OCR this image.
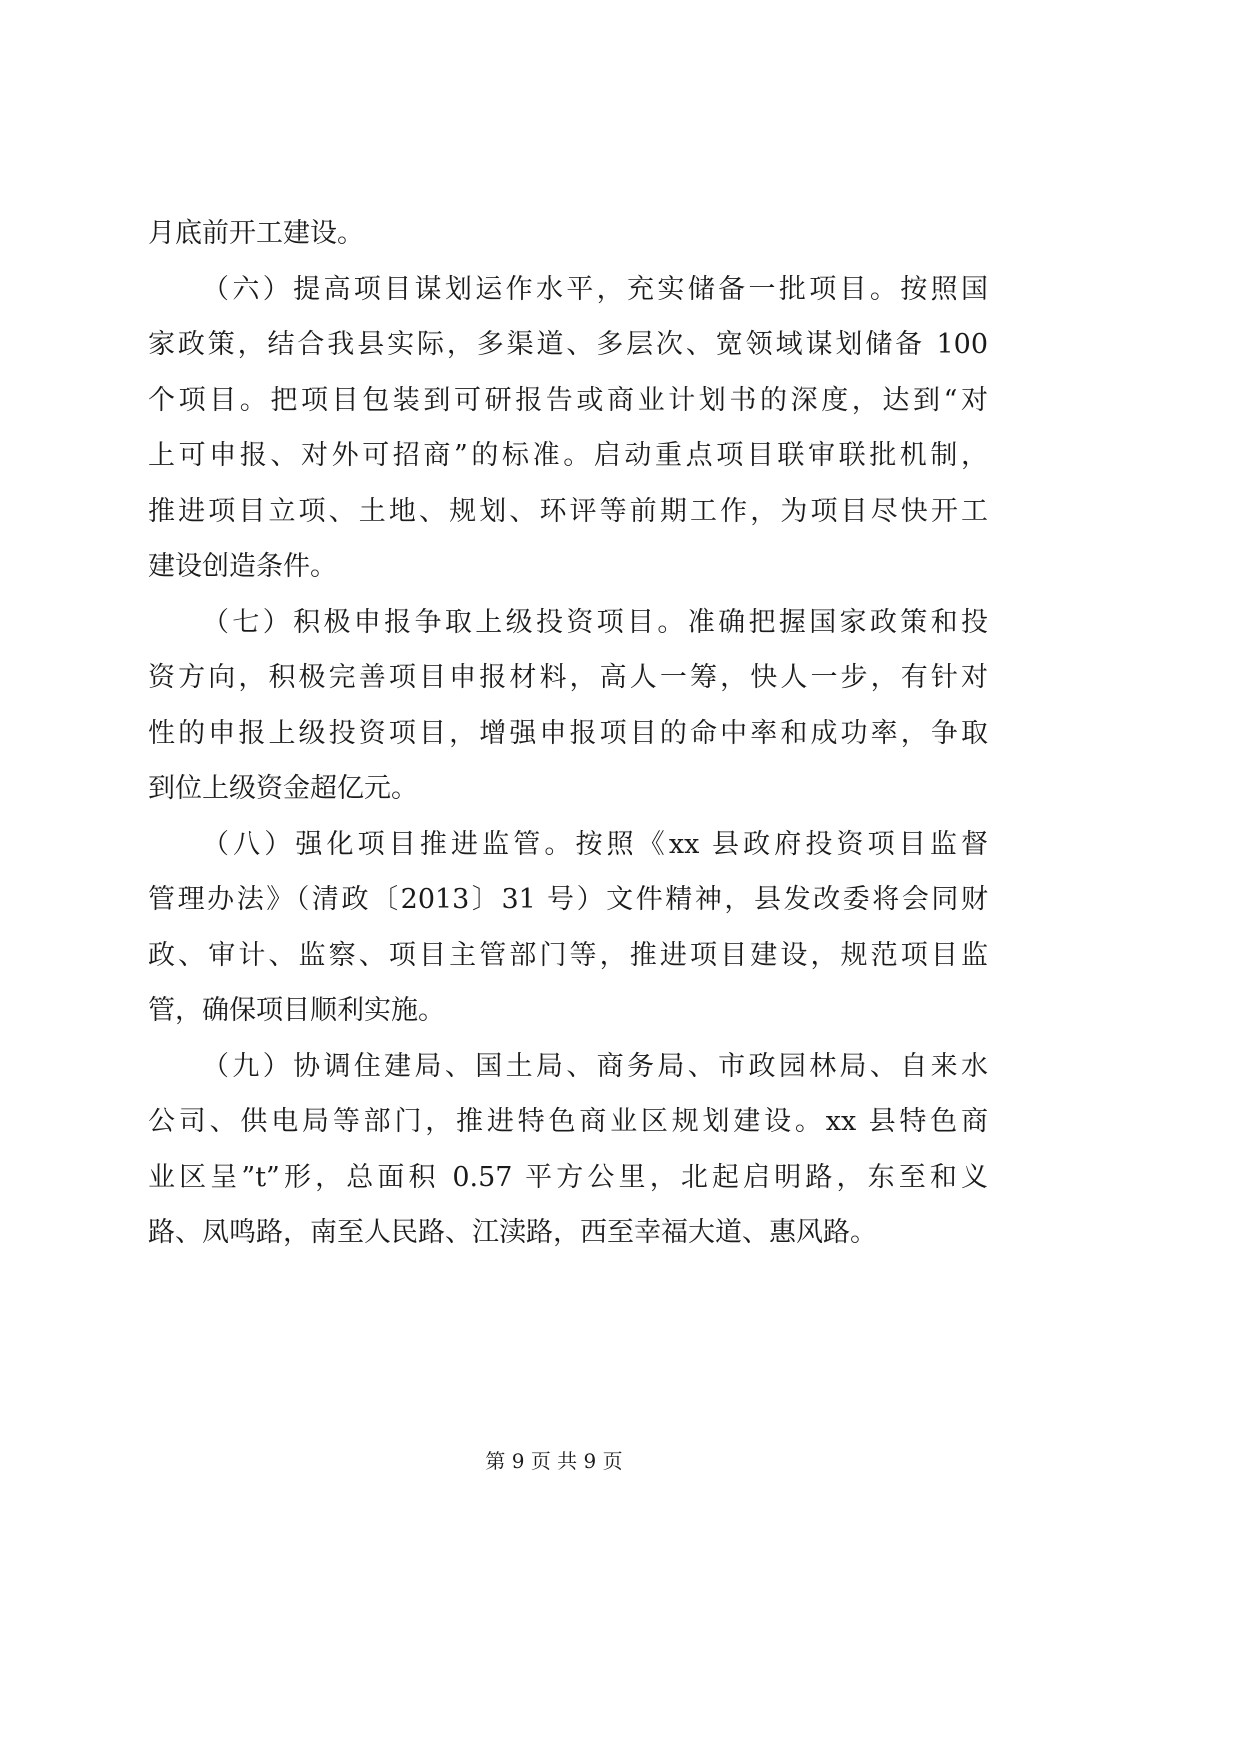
月底前开工建设。
（六）提高项目谋划运作水平，充实储备一批项目。按照国
家政策，结合我县实际，多渠道、多层次、宽领域谋划储备 100
个项目。把项目包装到可研报告或商业计划书的深度，达到“对
上可申报、对外可招商”的标准。启动重点项目联审联批机制，
推进项目立项、土地、规划、环评等前期工作，为项目尽快开工
建设创造条件。
（七）积极申报争取上级投资项目。准确把握国家政策和投
资方向，积极完善项目申报材料，高人一筹，快人一步，有针对
性的申报上级投资项目，增强申报项目的命中率和成功率，争取
到位上级资金超亿元。
（八）强化项目推进监管。按照《xx 县政府投资项目监督
管理办法》（清政〔2013〕31 号）文件精神，县发改委将会同财
政、审计、监察、项目主管部门等，推进项目建设，规范项目监
管，确保项目顺利实施。
（九）协调住建局、国土局、商务局、市政园林局、自来水
公司、供电局等部门，推进特色商业区规划建设。xx 县特色商
业区呈”t”形，总面积 0.57 平方公里，北起启明路，东至和义
路、凤鸣路，南至人民路、江渎路，西至幸福大道、惠风路。
第 9 页 共 9 页
